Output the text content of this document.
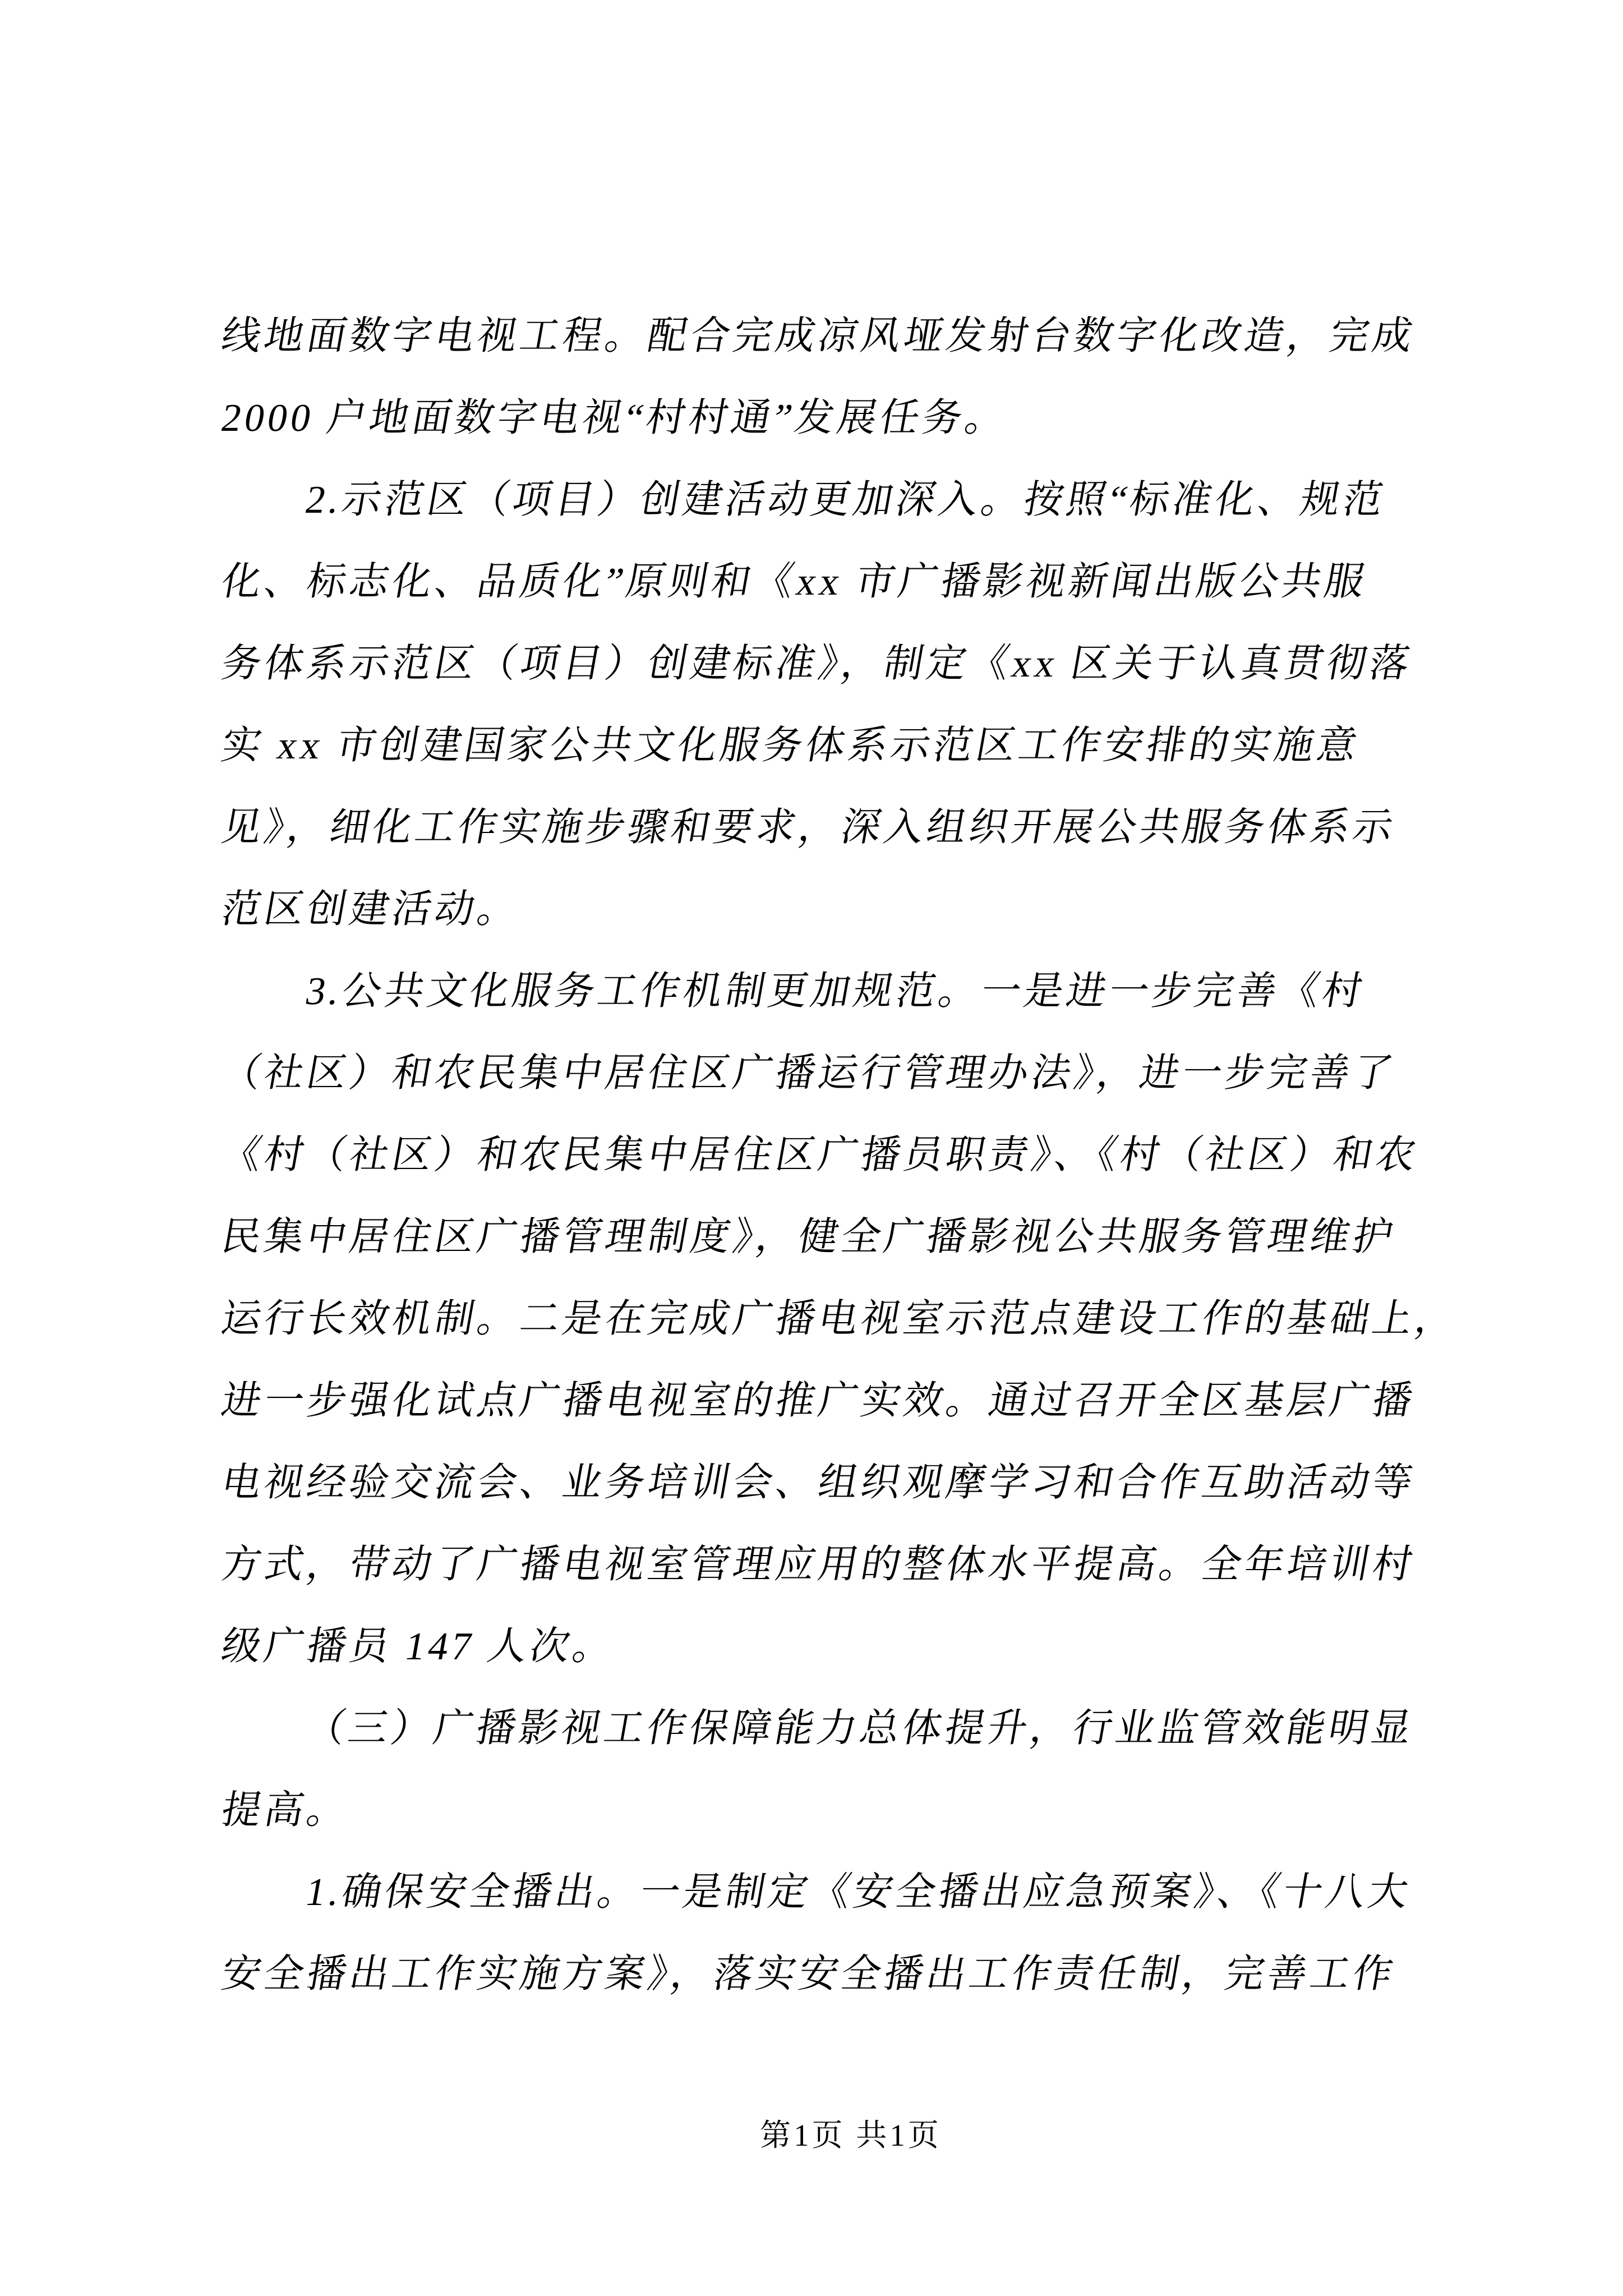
线地面数字电视工程。配合完成凉风垭发射台数字化改造，完成
2000 户地面数字电视“村村通”发展任务。
2.示范区（项目）创建活动更加深入。按照“标准化、规范
化、标志化、品质化”原则和《xx 市广播影视新闻出版公共服
务体系示范区（项目）创建标准》，制定《xx 区关于认真贯彻落
实 xx 市创建国家公共文化服务体系示范区工作安排的实施意
见》，细化工作实施步骤和要求，深入组织开展公共服务体系示
范区创建活动。
3.公共文化服务工作机制更加规范。一是进一步完善《村
（社区）和农民集中居住区广播运行管理办法》，进一步完善了
《村（社区）和农民集中居住区广播员职责》、《村（社区）和农
民集中居住区广播管理制度》，健全广播影视公共服务管理维护
运行长效机制。二是在完成广播电视室示范点建设工作的基础上，
进一步强化试点广播电视室的推广实效。通过召开全区基层广播
电视经验交流会、业务培训会、组织观摩学习和合作互助活动等
方式，带动了广播电视室管理应用的整体水平提高。全年培训村
级广播员 147 人次。
（三）广播影视工作保障能力总体提升，行业监管效能明显
提高。
1.确保安全播出。一是制定《安全播出应急预案》、《十八大
安全播出工作实施方案》，落实安全播出工作责任制，完善工作
第1页 共1页
